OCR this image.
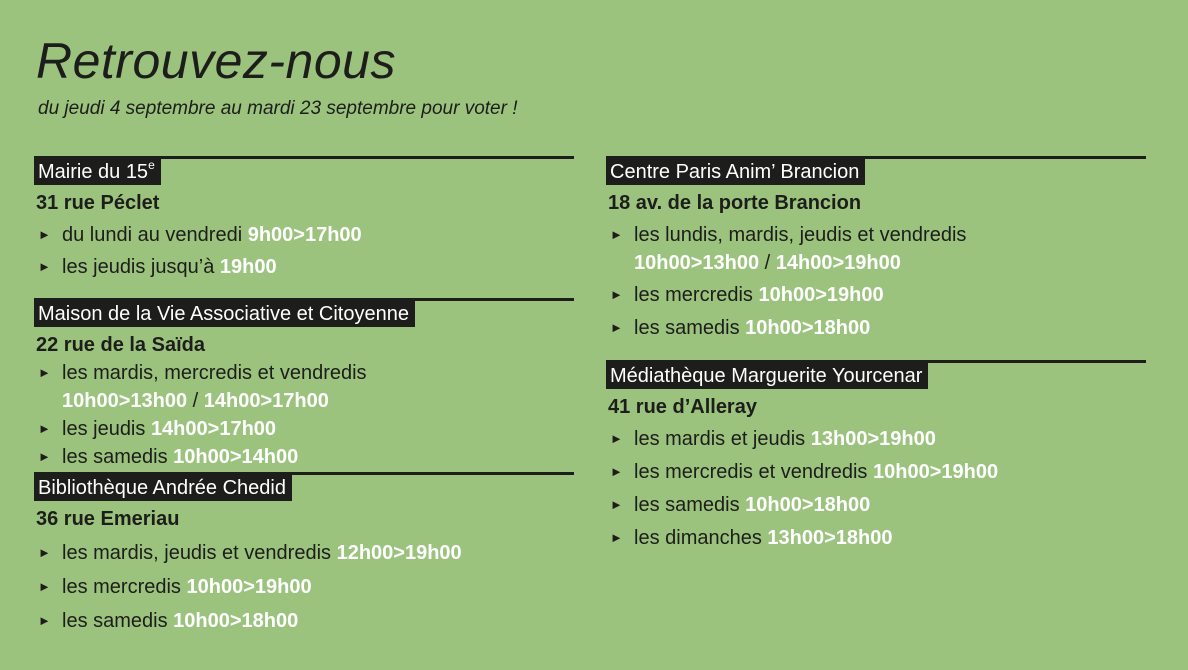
Retrouvez-nous
du jeudi 4 septembre au mardi 23 septembre pour voter !
Mairie du 15e
31 rue Péclet
► du lundi au vendredi 9h00>17h00
► les jeudis jusqu’à 19h00
Maison de la Vie Associative et Citoyenne
22 rue de la Saïda
► les mardis, mercredis et vendredis
10h00>13h00 / 14h00>17h00
► les jeudis 14h00>17h00
► les samedis 10h00>14h00
Bibliothèque Andrée Chedid
36 rue Emeriau
► les mardis, jeudis et vendredis 12h00>19h00
► les mercredis 10h00>19h00
► les samedis 10h00>18h00
Centre Paris Anim’ Brancion
18 av. de la porte Brancion
► les lundis, mardis, jeudis et vendredis
10h00>13h00 / 14h00>19h00
► les mercredis 10h00>19h00
► les samedis 10h00>18h00
Médiathèque Marguerite Yourcenar
41 rue d’Alleray
► les mardis et jeudis 13h00>19h00
► les mercredis et vendredis 10h00>19h00
► les samedis 10h00>18h00
► les dimanches 13h00>18h00
